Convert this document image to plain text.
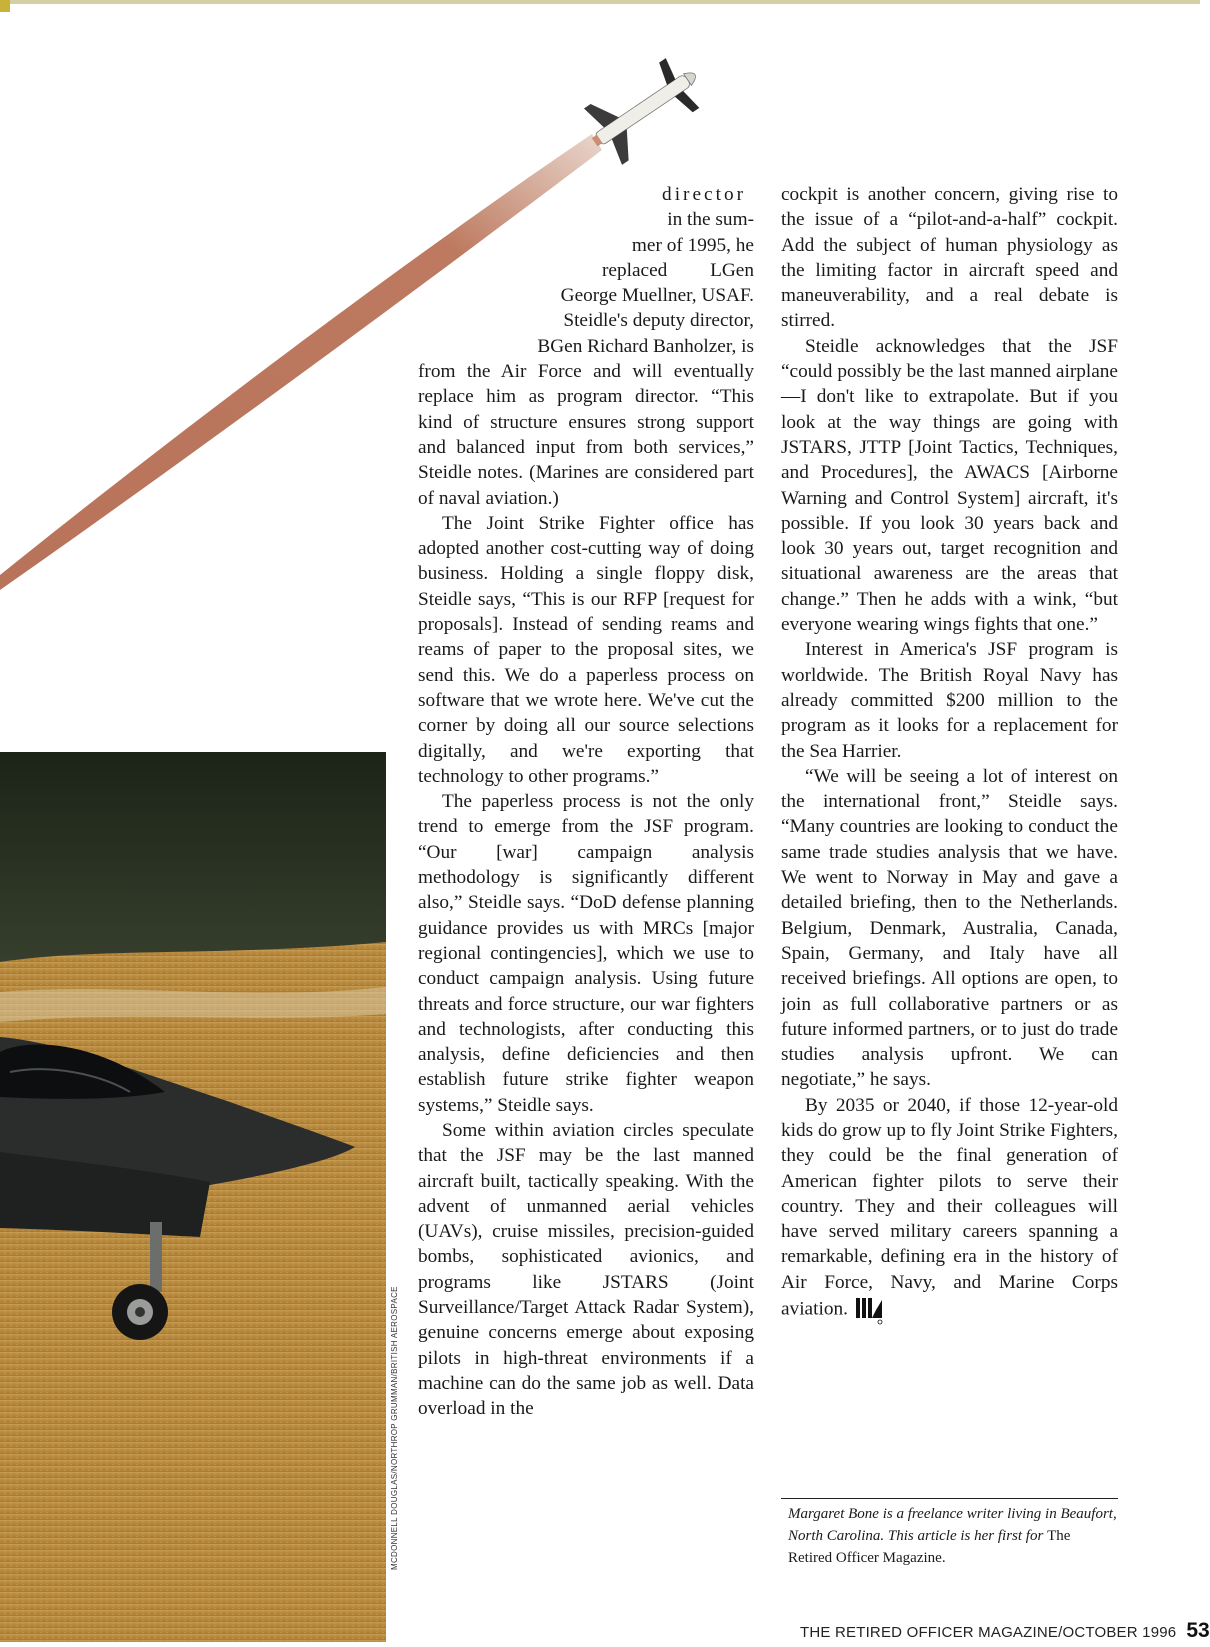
MCDONNELL DOUGLAS/NORTHROP GRUMMAN/BRITISH AEROSPACE
director
in the sum-
mer of 1995, he
replaced LGen
George Muellner, USAF.
Steidle's deputy director,
BGen Richard Banholzer, is

from the Air Force and will eventually replace him as program director. “This kind of structure ensures strong support and balanced input from both services,” Steidle notes. (Marines are considered part of naval aviation.)

The Joint Strike Fighter office has adopted another cost-cutting way of doing business. Holding a single floppy disk, Steidle says, “This is our RFP [request for proposals]. Instead of sending reams and reams of paper to the proposal sites, we send this. We do a paperless process on software that we wrote here. We've cut the corner by doing all our source selections digitally, and we're exporting that technology to other programs.”

The paperless process is not the only trend to emerge from the JSF program. “Our [war] campaign analysis methodology is significantly different also,” Steidle says. “DoD defense planning guidance provides us with MRCs [major regional contingencies], which we use to conduct campaign analysis. Using future threats and force structure, our war fighters and technologists, after conducting this analysis, define deficiencies and then establish future strike fighter weapon systems,” Steidle says.

Some within aviation circles speculate that the JSF may be the last manned aircraft built, tactically speaking. With the advent of unmanned aerial vehicles (UAVs), cruise missiles, precision-guided bombs, sophisticated avionics, and programs like JSTARS (Joint Surveillance/Target Attack Radar System), genuine concerns emerge about exposing pilots in high-threat environments if a machine can do the same job as well. Data overload in the

cockpit is another concern, giving rise to the issue of a “pilot-and-a-half” cockpit. Add the subject of human physiology as the limiting factor in aircraft speed and maneuverability, and a real debate is stirred.

Steidle acknowledges that the JSF “could possibly be the last manned airplane—I don't like to extrapolate. But if you look at the way things are going with JSTARS, JTTP [Joint Tactics, Techniques, and Procedures], the AWACS [Airborne Warning and Control System] aircraft, it's possible. If you look 30 years back and look 30 years out, target recognition and situational awareness are the areas that change.” Then he adds with a wink, “but everyone wearing wings fights that one.”

Interest in America's JSF program is worldwide. The British Royal Navy has already committed $200 million to the program as it looks for a replacement for the Sea Harrier.

“We will be seeing a lot of interest on the international front,” Steidle says. “Many countries are looking to conduct the same trade studies analysis that we have. We went to Norway in May and gave a detailed briefing, then to the Netherlands. Belgium, Denmark, Australia, Canada, Spain, Germany, and Italy have all received briefings. All options are open, to join as full collaborative partners or as future informed partners, or to just do trade studies analysis upfront. We can negotiate,” he says.

By 2035 or 2040, if those 12-year-old kids do grow up to fly Joint Strike Fighters, they could be the final generation of American fighter pilots to serve their country. They and their colleagues will have served military careers spanning a remarkable, defining era in the history of Air Force, Navy, and Marine Corps aviation.

Margaret Bone is a freelance writer living in Beaufort, North Carolina. This article is her first for The Retired Officer Magazine.
THE RETIRED OFFICER MAGAZINE/OCTOBER 1996 53
